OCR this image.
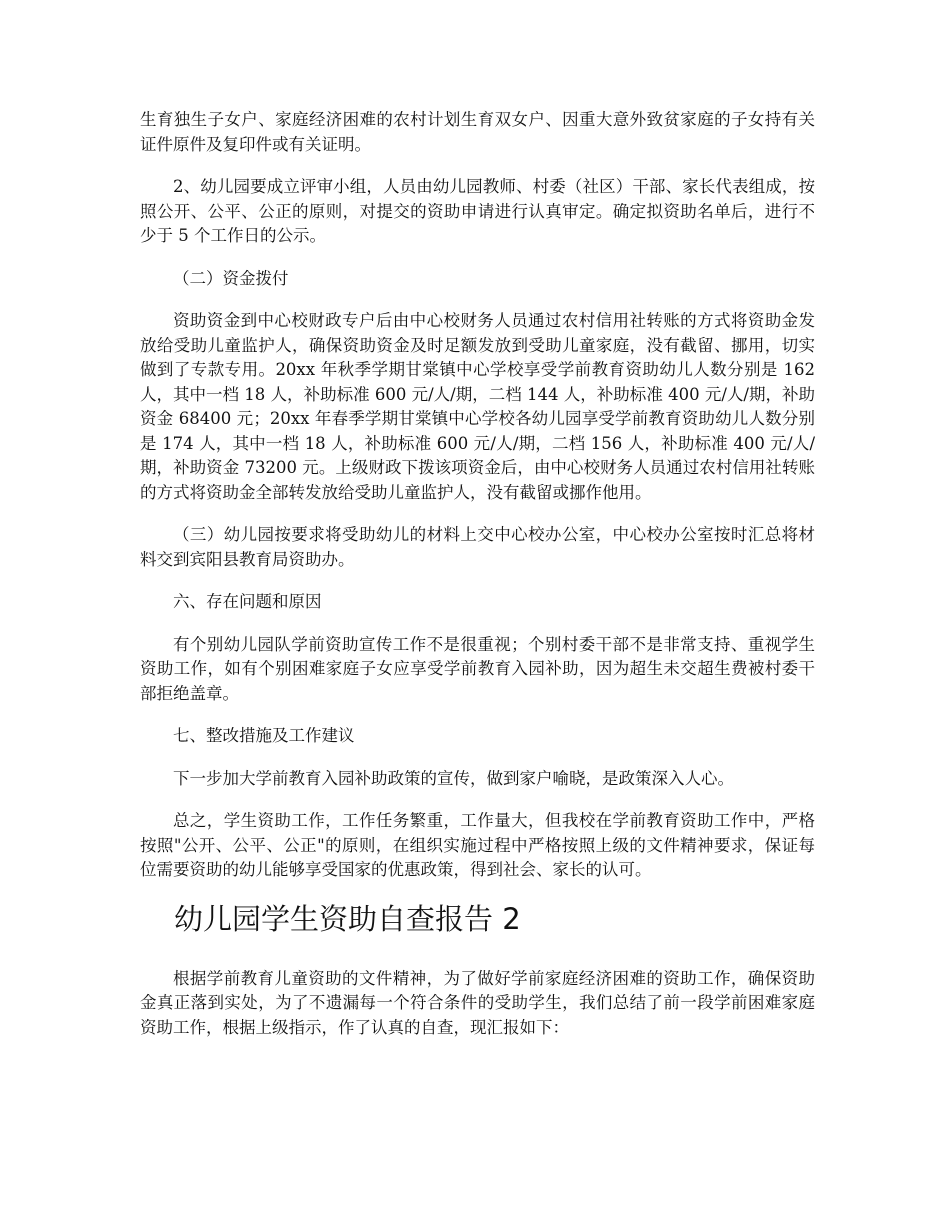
生育独生子女户、家庭经济困难的农村计划生育双女户、因重大意外致贫家庭的子女持有关证件原件及复印件或有关证明。

2、幼儿园要成立评审小组，人员由幼儿园教师、村委（社区）干部、家长代表组成，按照公开、公平、公正的原则，对提交的资助申请进行认真审定。确定拟资助名单后，进行不少于 5 个工作日的公示。

（二）资金拨付

资助资金到中心校财政专户后由中心校财务人员通过农村信用社转账的方式将资助金发放给受助儿童监护人，确保资助资金及时足额发放到受助儿童家庭，没有截留、挪用，切实做到了专款专用。20xx 年秋季学期甘棠镇中心学校享受学前教育资助幼儿人数分别是 162 人，其中一档 18 人，补助标准 600 元/人/期，二档 144 人，补助标准 400 元/人/期，补助资金 68400 元；20xx 年春季学期甘棠镇中心学校各幼儿园享受学前教育资助幼儿人数分别是 174 人，其中一档 18 人，补助标准 600 元/人/期，二档 156 人，补助标准 400 元/人/期，补助资金 73200 元。上级财政下拨该项资金后，由中心校财务人员通过农村信用社转账的方式将资助金全部转发放给受助儿童监护人，没有截留或挪作他用。

（三）幼儿园按要求将受助幼儿的材料上交中心校办公室，中心校办公室按时汇总将材料交到宾阳县教育局资助办。

六、存在问题和原因

有个别幼儿园队学前资助宣传工作不是很重视；个别村委干部不是非常支持、重视学生资助工作，如有个别困难家庭子女应享受学前教育入园补助，因为超生未交超生费被村委干部拒绝盖章。

七、整改措施及工作建议

下一步加大学前教育入园补助政策的宣传，做到家户喻晓，是政策深入人心。

总之，学生资助工作，工作任务繁重，工作量大，但我校在学前教育资助工作中，严格按照"公开、公平、公正"的原则，在组织实施过程中严格按照上级的文件精神要求，保证每位需要资助的幼儿能够享受国家的优惠政策，得到社会、家长的认可。

幼儿园学生资助自查报告 2

根据学前教育儿童资助的文件精神，为了做好学前家庭经济困难的资助工作，确保资助金真正落到实处，为了不遗漏每一个符合条件的受助学生，我们总结了前一段学前困难家庭资助工作，根据上级指示，作了认真的自查，现汇报如下：
